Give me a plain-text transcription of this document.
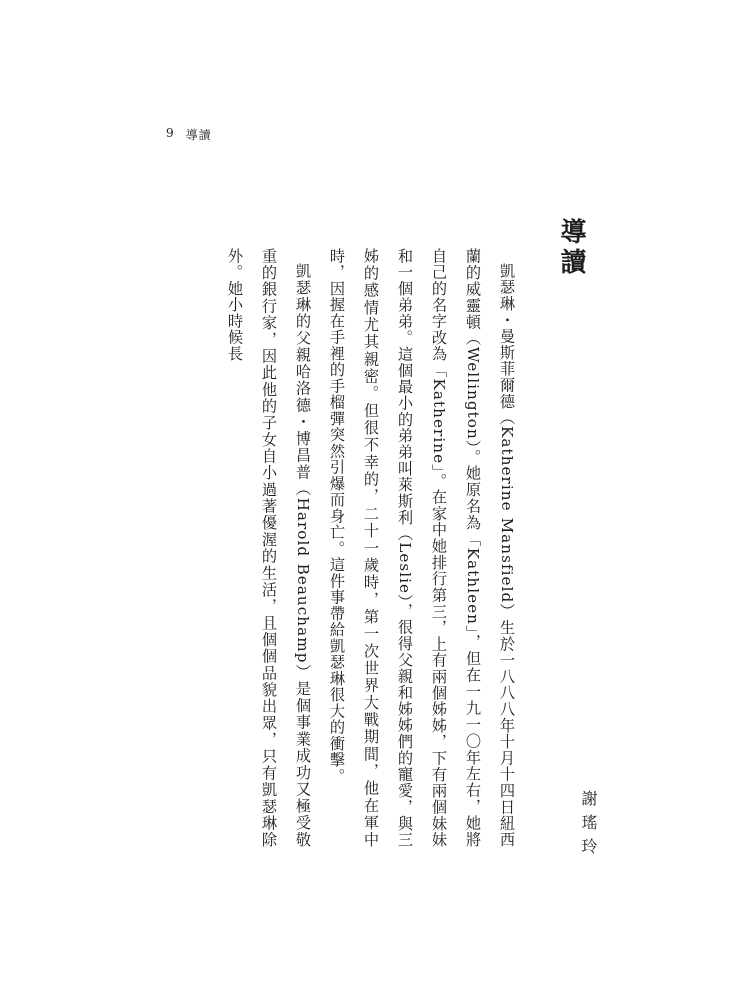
9 導讀
導讀

凱瑟琳・曼斯菲爾德（Katherine Mansfield）生於一八八八年十月十四日紐西蘭的威靈頓（Wellington）。她原名為「Kathleen」，但在一九一〇年左右，她將自己的名字改為「Katherine」。在家中她排行第三，上有兩個姊姊，下有兩個妹妹和一個弟弟。這個最小的弟弟叫萊斯利（Leslie），很得父親和姊姊們的寵愛，與三姊的感情尤其親密。但很不幸的，二十一歲時，第一次世界大戰期間，他在軍中時，因握在手裡的手榴彈突然引爆而身亡。這件事帶給凱瑟琳很大的衝擊。

凱瑟琳的父親哈洛德・博昌普（Harold Beauchamp）是個事業成功又極受敬重的銀行家，因此他的子女自小過著優渥的生活，且個個品貌出眾，只有凱瑟琳除外。她小時候長

謝瑤玲
